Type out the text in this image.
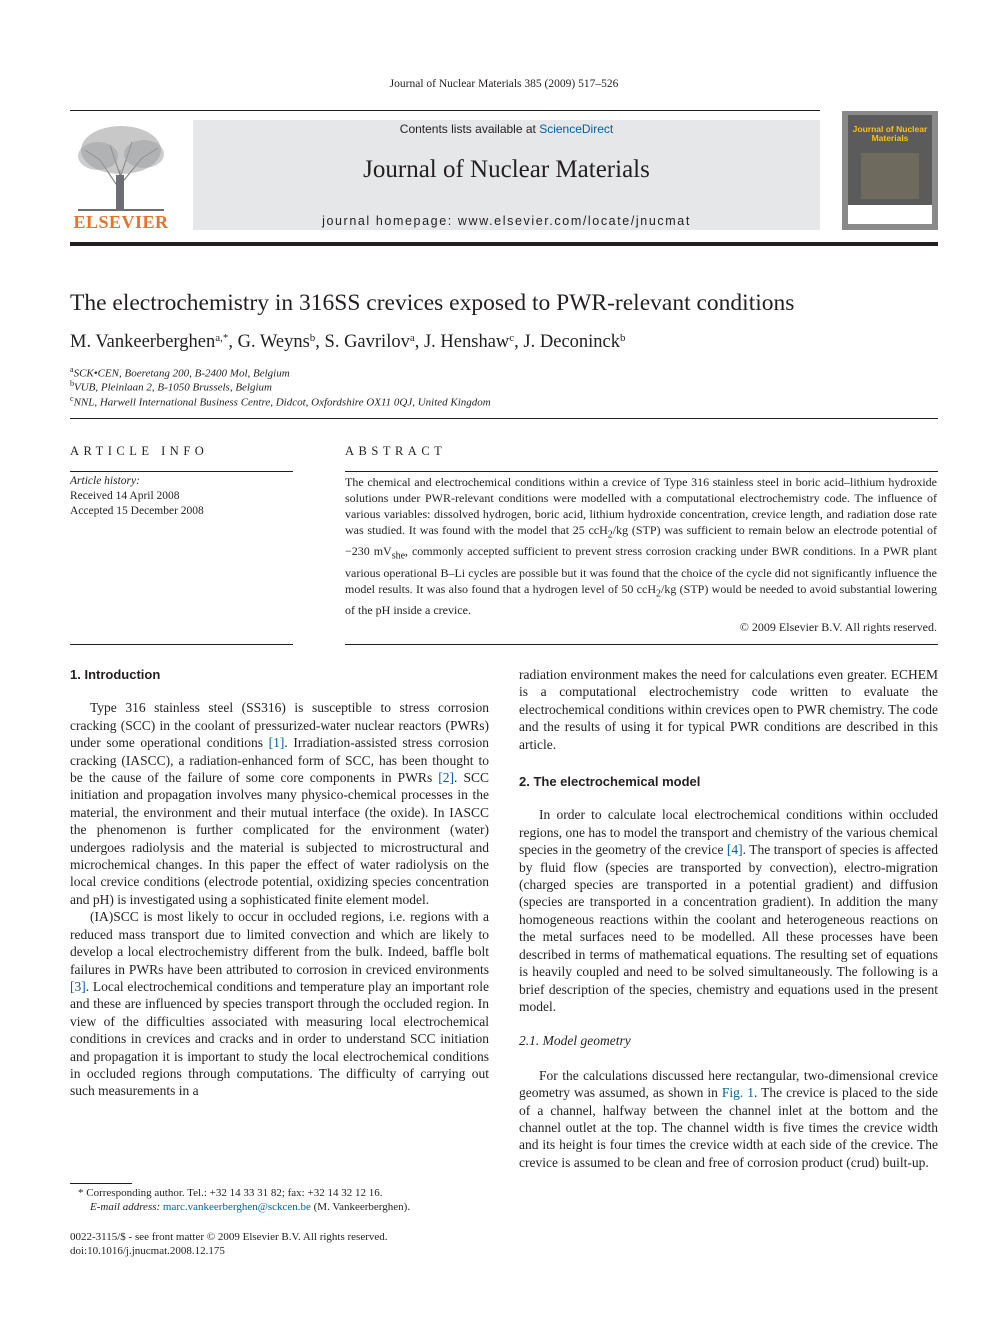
Journal of Nuclear Materials 385 (2009) 517–526
ELSEVIER
Contents lists available at ScienceDirect
Journal of Nuclear Materials
journal homepage: www.elsevier.com/locate/jnucmat
Journal of Nuclear Materials
The electrochemistry in 316SS crevices exposed to PWR-relevant conditions
M. Vankeerberghen$^{a,*}$, G. Weyns$^b$, S. Gavrilov$^a$, J. Henshaw$^c$, J. Deconinck$^b$
$^a$SCK•CEN, Boeretang 200, B-2400 Mol, Belgium
$^b$VUB, Pleinlaan 2, B-1050 Brussels, Belgium
$^c$NNL, Harwell International Business Centre, Didcot, Oxfordshire OX11 0QJ, United Kingdom
ARTICLE INFO
Article history:
Received 14 April 2008
Accepted 15 December 2008
ABSTRACT
The chemical and electrochemical conditions within a crevice of Type 316 stainless steel in boric acid–lithium hydroxide solutions under PWR-relevant conditions were modelled with a computational electrochemistry code. The influence of various variables: dissolved hydrogen, boric acid, lithium hydroxide concentration, crevice length, and radiation dose rate was studied. It was found with the model that 25 ccH$_2$/kg (STP) was sufficient to remain below an electrode potential of −230 $mV_{she}$, commonly accepted sufficient to prevent stress corrosion cracking under BWR conditions. In a PWR plant various operational B–Li cycles are possible but it was found that the choice of the cycle did not significantly influence the model results. It was also found that a hydrogen level of 50 ccH$_2$/kg (STP) would be needed to avoid substantial lowering of the pH inside a crevice.
© 2009 Elsevier B.V. All rights reserved.
1. Introduction

Type 316 stainless steel (SS316) is susceptible to stress corrosion cracking (SCC) in the coolant of pressurized-water nuclear reactors (PWRs) under some operational conditions [1]. Irradiation-assisted stress corrosion cracking (IASCC), a radiation-enhanced form of SCC, has been thought to be the cause of the failure of some core components in PWRs [2]. SCC initiation and propagation involves many physico-chemical processes in the material, the environment and their mutual interface (the oxide). In IASCC the phenomenon is further complicated for the environment (water) undergoes radiolysis and the material is subjected to microstructural and microchemical changes. In this paper the effect of water radiolysis on the local crevice conditions (electrode potential, oxidizing species concentration and pH) is investigated using a sophisticated finite element model.

(IA)SCC is most likely to occur in occluded regions, i.e. regions with a reduced mass transport due to limited convection and which are likely to develop a local electrochemistry different from the bulk. Indeed, baffle bolt failures in PWRs have been attributed to corrosion in creviced environments [3]. Local electrochemical conditions and temperature play an important role and these are influenced by species transport through the occluded region. In view of the difficulties associated with measuring local electrochemical conditions in crevices and cracks and in order to understand SCC initiation and propagation it is important to study the local electrochemical conditions in occluded regions through computations. The difficulty of carrying out such measurements in a

radiation environment makes the need for calculations even greater. ECHEM is a computational electrochemistry code written to evaluate the electrochemical conditions within crevices open to PWR chemistry. The code and the results of using it for typical PWR conditions are described in this article.

2. The electrochemical model

In order to calculate local electrochemical conditions within occluded regions, one has to model the transport and chemistry of the various chemical species in the geometry of the crevice [4]. The transport of species is affected by fluid flow (species are transported by convection), electro-migration (charged species are transported in a potential gradient) and diffusion (species are transported in a concentration gradient). In addition the many homogeneous reactions within the coolant and heterogeneous reactions on the metal surfaces need to be modelled. All these processes have been described in terms of mathematical equations. The resulting set of equations is heavily coupled and need to be solved simultaneously. The following is a brief description of the species, chemistry and equations used in the present model.

2.1. Model geometry

For the calculations discussed here rectangular, two-dimensional crevice geometry was assumed, as shown in Fig. 1. The crevice is placed to the side of a channel, halfway between the channel inlet at the bottom and the channel outlet at the top. The channel width is five times the crevice width and its height is four times the crevice width at each side of the crevice. The crevice is assumed to be clean and free of corrosion product (crud) built-up.

* Corresponding author. Tel.: +32 14 33 31 82; fax: +32 14 32 12 16.
E-mail address: marc.vankeerberghen@sckcen.be (M. Vankeerberghen).
0022-3115/$ - see front matter © 2009 Elsevier B.V. All rights reserved.
doi:10.1016/j.jnucmat.2008.12.175
